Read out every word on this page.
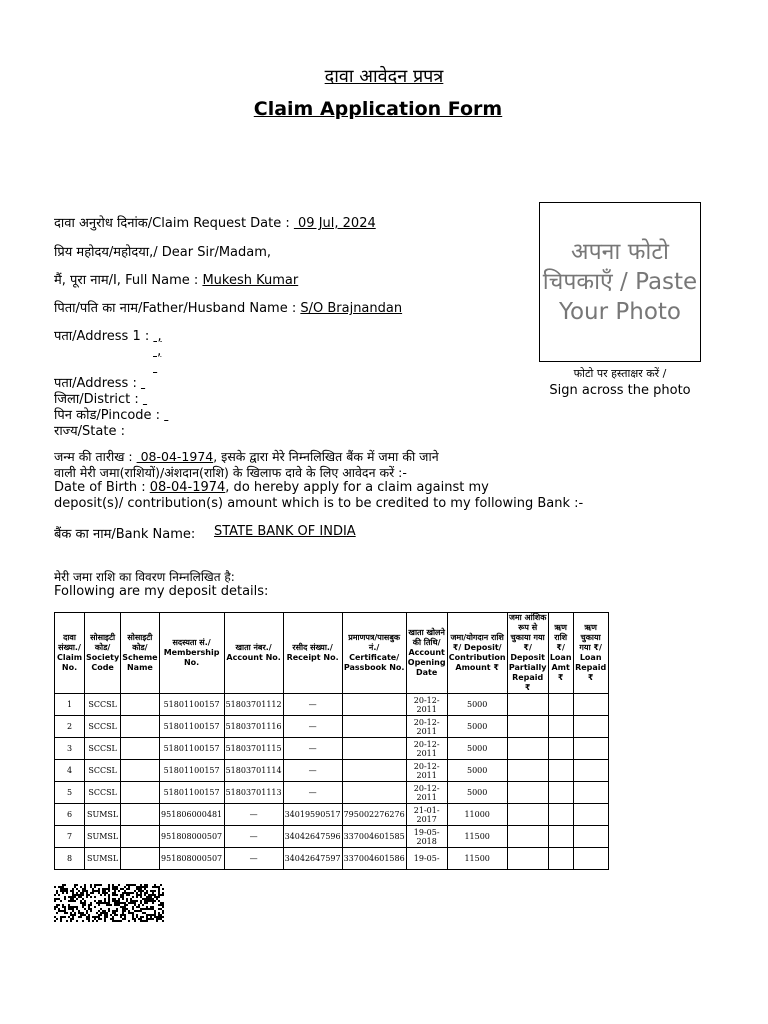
दावा आवेदन प्रपत्र
Claim Application Form
अपना फोटो चिपकाएँ / Paste Your Photo
फोटो पर हस्ताक्षर करें /
Sign across the photo
दावा अनुरोध दिनांक/Claim Request Date :  09 Jul, 2024
प्रिय महोदय/महोदया,/ Dear Sir/Madam,
मैं, पूरा नाम/I, Full Name : Mukesh Kumar
पिता/पति का नाम/Father/Husband Name : S/O Brajnandan
पता/Address 1 :  ,
,

पता/Address :
जिला/District :
पिन कोड/Pincode :
राज्य/State :
जन्म की तारीख :  08-04-1974, इसके द्वारा मेरे निम्नलिखित बैंक में जमा की जाने
वाली मेरी जमा(राशियों)/अंशदान(राशि) के खिलाफ दावे के लिए आवेदन करें :-
Date of Birth : 08-04-1974, do hereby apply for a claim against my
deposit(s)/ contribution(s) amount which is to be credited to my following Bank :-
बैंक का नाम/Bank Name: STATE BANK OF INDIA
मेरी जमा राशि का विवरण निम्नलिखित है:
Following are my deposit details:
दावा संख्या./ Claim No.	सोसाइटी कोड/ Society Code	सोसाइटी कोड/ Scheme Name	सदस्यता सं./ Membership No.	खाता नंबर./ Account No.	रसीद संख्या./ Receipt No.	प्रमाणपत्र/पासबुक नं./ Certificate/ Passbook No.	खाता खोलने की तिथि/ Account Opening Date	जमा/योगदान राशि ₹/ Deposit/ Contribution Amount ₹	जमा आंशिक रूप से चुकाया गया ₹/ Deposit Partially Repaid ₹	ऋण राशि ₹/ Loan Amt ₹	ऋण चुकाया गया ₹/ Loan Repaid ₹
1	SCCSL		51801100157	51803701112	—		20-12-2011	5000			
2	SCCSL		51801100157	51803701116	—		20-12-2011	5000			
3	SCCSL		51801100157	51803701115	—		20-12-2011	5000			
4	SCCSL		51801100157	51803701114	—		20-12-2011	5000			
5	SCCSL		51801100157	51803701113	—		20-12-2011	5000			
6	SUMSL		951806000481	—	34019590517	795002276276	21-01-2017	11000			
7	SUMSL		951808000507	—	34042647596	337004601585	19-05-2018	11500			
8	SUMSL		951808000507	—	34042647597	337004601586	19-05-	11500			
